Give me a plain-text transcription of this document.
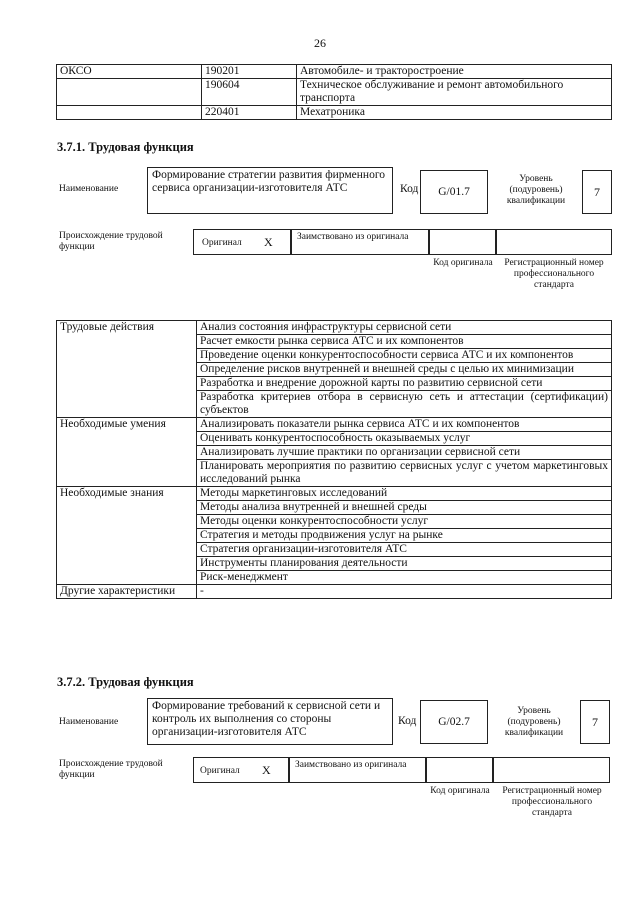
26
ОКСО	190201	Автомобиле- и тракторостроение
	190604	Техническое обслуживание и ремонт автомобильного транспорта
	220401	Мехатроника
3.7.1. Трудовая функция
Наименование
Формирование стратегии развития фирменного сервиса организации-изготовителя АТС	Код	G/01.7
Уровень (подуровень) квалификации
7
Происхождение трудовой функции	Оригинал X	Заимствовано из оригинала
Код оригинала	Регистрационный номер профессионального стандарта
Трудовые действия	Анализ состояния инфраструктуры сервисной сети
	Расчет емкости рынка сервиса АТС и их компонентов
	Проведение оценки конкурентоспособности сервиса АТС и их компонентов
	Определение рисков внутренней и внешней среды с целью их минимизации
	Разработка и внедрение дорожной карты по развитию сервисной сети
	Разработка критериев отбора в сервисную сеть и аттестации (сертификации) субъектов
Необходимые умения	Анализировать показатели рынка сервиса АТС и их компонентов
	Оценивать конкурентоспособность оказываемых услуг
	Анализировать лучшие практики по организации сервисной сети
	Планировать мероприятия по развитию сервисных услуг с учетом маркетинговых исследований рынка
Необходимые знания	Методы маркетинговых исследований
	Методы анализа внутренней и внешней среды
	Методы оценки конкурентоспособности услуг
	Стратегия и методы продвижения услуг на рынке
	Стратегия организации-изготовителя АТС
	Инструменты планирования деятельности
	Риск-менеджмент
Другие характеристики	-
3.7.2. Трудовая функция
Наименование
Формирование требований к сервисной сети и контроль их выполнения со стороны организации-изготовителя АТС
Код	G/02.7
Уровень (подуровень) квалификации
7
Происхождение трудовой функции	Оригинал X	Заимствовано из оригинала
Код оригинала	Регистрационный номер профессионального стандарта
